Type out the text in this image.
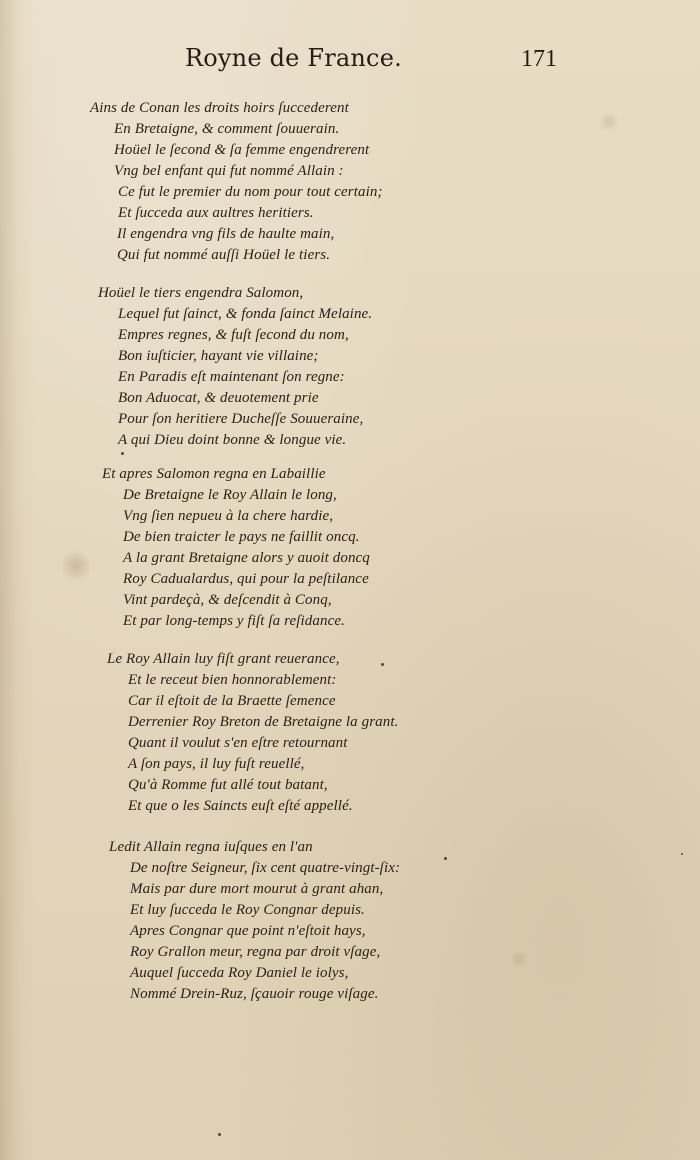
Royne de France.	171
Ains de Conan les droits hoirs ſuccederent
En Bretaigne, & comment ſouuerain.
Hoüel le ſecond & ſa femme engendrerent
Vng bel enfant qui fut nommé Allain :
Ce fut le premier du nom pour tout certain;
Et ſucceda aux aultres heritiers.
Il engendra vng fils de haulte main,
Qui fut nommé auſſi Hoüel le tiers.
Hoüel le tiers engendra Salomon,
Lequel fut ſainct, & fonda ſainct Melaine.
Empres regnes, & fuſt ſecond du nom,
Bon iuſticier, hayant vie villaine;
En Paradis eſt maintenant ſon regne:
Bon Aduocat, & deuotement prie
Pour ſon heritiere Ducheſſe Souueraine,
A qui Dieu doint bonne & longue vie.
Et apres Salomon regna en Labaillie
De Bretaigne le Roy Allain le long,
Vng ſien nepueu à la chere hardie,
De bien traicter le pays ne faillit oncq.
A la grant Bretaigne alors y auoit doncq
Roy Cadualardus, qui pour la peſtilance
Vint pardeçà, & deſcendit à Conq,
Et par long-temps y fiſt ſa reſidance.
Le Roy Allain luy fiſt grant reuerance,
Et le receut bien honnorablement:
Car il eſtoit de la Braette ſemence
Derrenier Roy Breton de Bretaigne la grant.
Quant il voulut s'en eſtre retournant
A ſon pays, il luy fuſt reuellé,
Qu'à Romme fut allé tout batant,
Et que o les Saincts euſt eſté appellé.
Ledit Allain regna iuſques en l'an
De noſtre Seigneur, ſix cent quatre-vingt-ſix:
Mais par dure mort mourut à grant ahan,
Et luy ſucceda le Roy Congnar depuis.
Apres Congnar que point n'eſtoit hays,
Roy Grallon meur, regna par droit vſage,
Auquel ſucceda Roy Daniel le iolys,
Nommé Drein-Ruz, ſçauoir rouge viſage.
